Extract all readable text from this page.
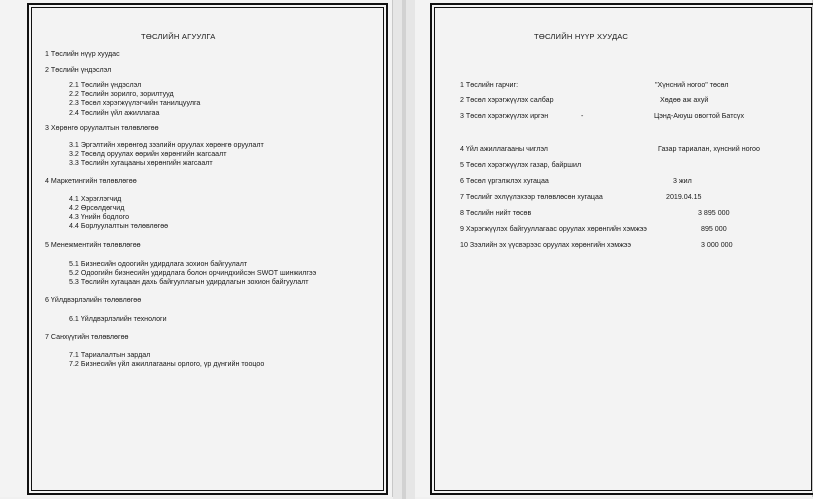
ТӨСЛИЙН АГУУЛГА
1 Төслийн нүүр хуудас
2 Төслийн үндэслэл
2.1 Төслийн үндэслэл
2.2 Төслийн зорилго, зорилтууд
2.3 Төсөл хэрэгжүүлэгчийн танилцуулга
2.4 Төслийн үйл ажиллагаа
3 Хөрөнгө оруулалтын төлөвлөгөө
3.1 Эргэлтийн хөрөнгөд зээлийн оруулах хөрөнгө оруулалт
3.2 Төсөлд оруулах өөрийн хөрөнгийн жагсаалт
3.3 Төслийн хугацааны хөрөнгийн жагсаалт
4 Маркетингийн төлөвлөгөө
4.1 Хэрэглэгчид
4.2 Өрсөлдөгчид
4.3 Үнийн бодлого
4.4 Борлуулалтын төлөвлөгөө
5 Менежментийн төлөвлөгөө
5.1 Бизнесийн одоогийн удирдлага зохион байгуулалт
5.2 Одоогийн бизнесийн удирдлага болон орчиндхийсэн SWOT шинжилгээ
5.3 Төслийн хугацаан дахь байгууллагын удирдлагын зохион байгуулалт
6 Үйлдвэрлэлийн төлөвлөгөө
6.1 Үйлдвэрлэлийн технологи
7 Санхүүгийн төлөвлөгөө
7.1 Тариалалтын зардал
7.2 Бизнесийн үйл ажиллагааны орлого, үр дүнгийн тооцоо
ТӨСЛИЙН НҮҮР ХУУДАС
1 Төслийн гарчиг:	"Хүнсний ногоо" төсөл
2 Төсөл хэрэгжүүлэх салбар	Хөдөө аж ахуй
3 Төсөл хэрэгжүүлэх иргэн	-	Цэнд-Аюуш овогтой Батсүх
4 Үйл ажиллагааны чиглэл	Газар тариалан, хүнсний ногоо
5 Төсөл хэрэгжүүлэх газар, байршил
6 Төсөл үргэлжлэх хугацаа	3 жил
7 Төслийг эхлүүлэхээр төлөвлөсөн хугацаа	2019.04.15
8 Төслийн нийт төсөв	3 895 000
9 Хэрэгжүүлэх байгууллагаас оруулах хөрөнгийн хэмжээ	895 000
10 Зээлийн эх үүсвэрээс оруулах хөрөнгийн хэмжээ	3 000 000
